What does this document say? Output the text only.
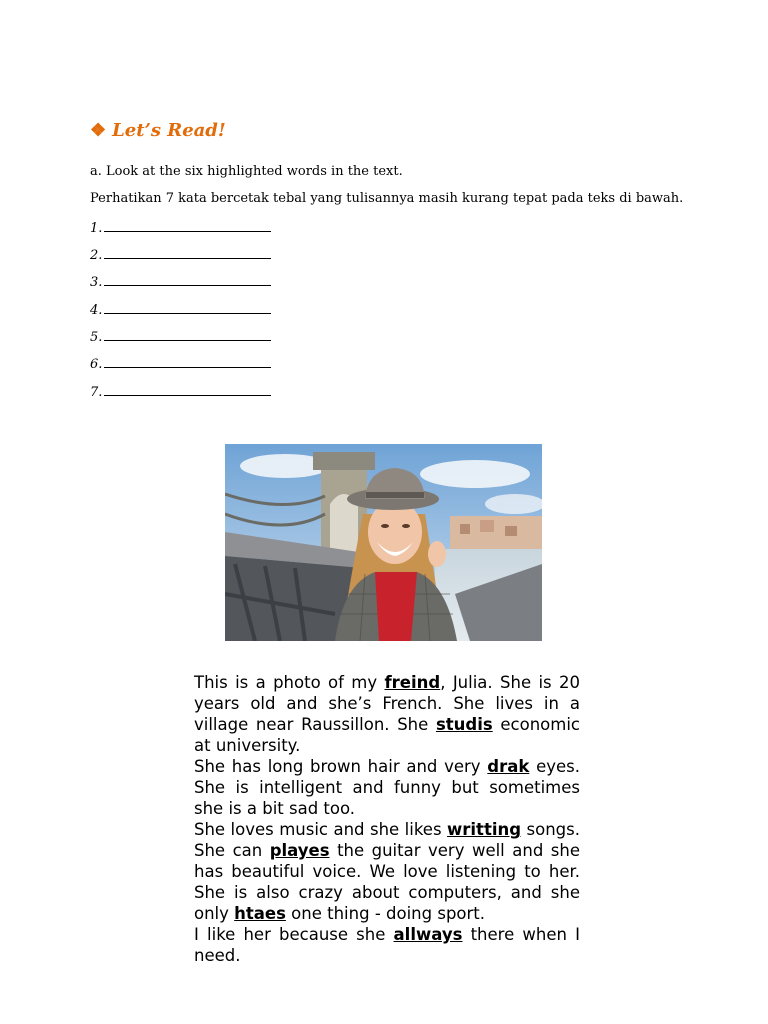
❖ Let’s Read!

a. Look at the six highlighted words in the text.

Perhatikan 7 kata bercetak tebal yang tulisannya masih kurang tepat pada teks di bawah.

1.

2.

3.

4.

5.

6.

7.

This is a photo of my freind, Julia. She is 20 years old and she’s French. She lives in a village near Raussillon. She studis economic at university.

She has long brown hair and very drak eyes. She is intelligent and funny but sometimes she is a bit sad too.

She loves music and she likes writting songs. She can playes the guitar very well and she has beautiful voice. We love listening to her. She is also crazy about computers, and she only htaes one thing - doing sport.

I like her because she allways there when I need.
